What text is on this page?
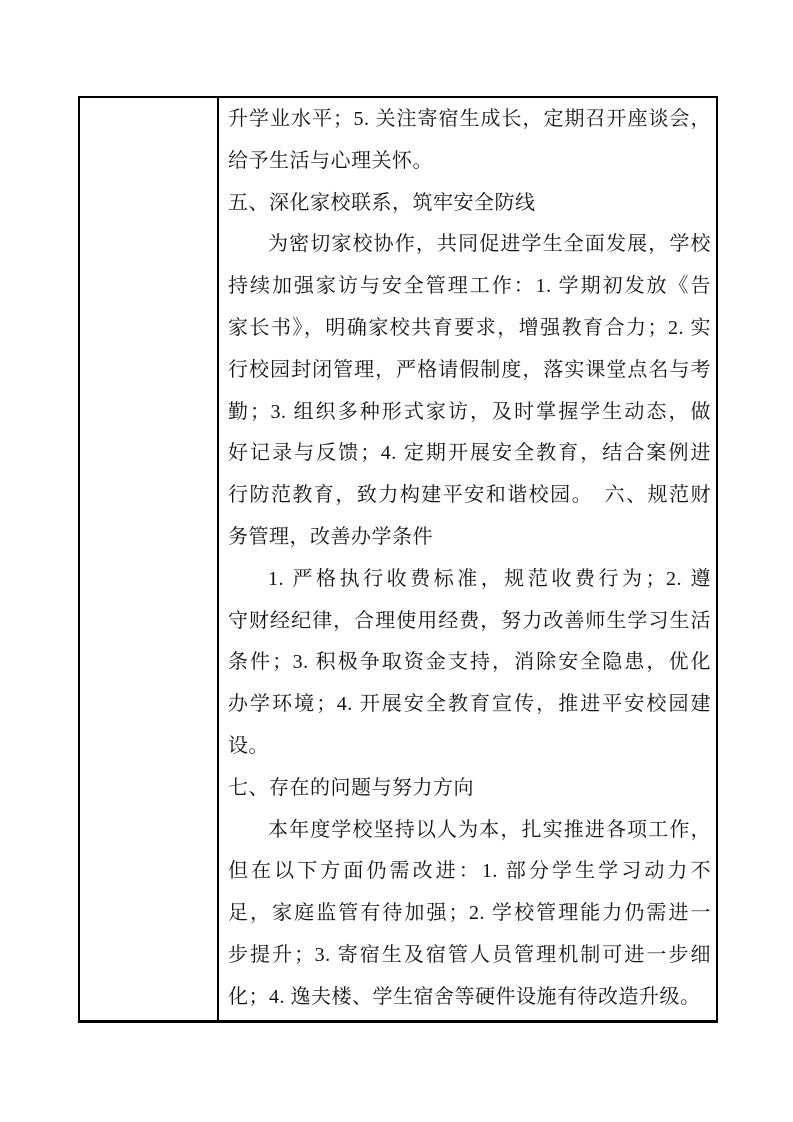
升学业水平；5. 关注寄宿生成长，定期召开座谈会，
给予生活与心理关怀。
五、深化家校联系，筑牢安全防线
为密切家校协作，共同促进学生全面发展，学校
持续加强家访与安全管理工作：1. 学期初发放《告
家长书》，明确家校共育要求，增强教育合力；2. 实
行校园封闭管理，严格请假制度，落实课堂点名与考
勤；3. 组织多种形式家访，及时掌握学生动态，做
好记录与反馈；4. 定期开展安全教育，结合案例进
行防范教育，致力构建平安和谐校园。　六、规范财
务管理，改善办学条件
1. 严格执行收费标准，规范收费行为；2. 遵
守财经纪律，合理使用经费，努力改善师生学习生活
条件；3. 积极争取资金支持，消除安全隐患，优化
办学环境；4. 开展安全教育宣传，推进平安校园建
设。
七、存在的问题与努力方向
本年度学校坚持以人为本，扎实推进各项工作，
但在以下方面仍需改进：1. 部分学生学习动力不
足，家庭监管有待加强；2. 学校管理能力仍需进一
步提升；3. 寄宿生及宿管人员管理机制可进一步细
化；4. 逸夫楼、学生宿舍等硬件设施有待改造升级。
